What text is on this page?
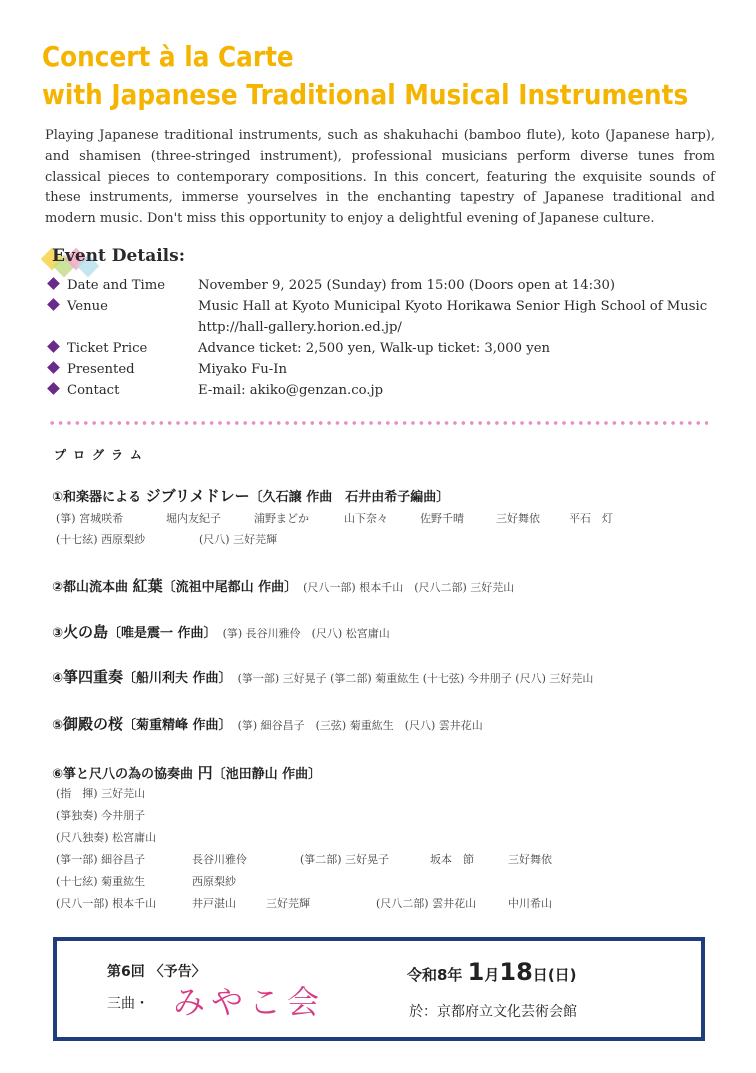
Concert à la Carte
with Japanese Traditional Musical Instruments

Playing Japanese traditional instruments, such as shakuhachi (bamboo flute), koto (Japanese harp), and shamisen (three-stringed instrument), professional musicians perform diverse tunes from classical pieces to contemporary compositions. In this concert, featuring the exquisite sounds of these instruments, immerse yourselves in the enchanting tapestry of Japanese traditional and modern music. Don't miss this opportunity to enjoy a delightful evening of Japanese culture.

Event Details:
Date and Time	November 9, 2025 (Sunday) from 15:00 (Doors open at 14:30)
Venue	Music Hall at Kyoto Municipal Kyoto Horikawa Senior High School of Music
http://hall-gallery.horion.ed.jp/
Ticket Price	Advance ticket: 2,500 yen, Walk-up ticket: 3,000 yen
Presented	Miyako Fu-In
Contact	E-mail: akiko@genzan.co.jp
プログラム
①和楽器による ジブリメドレー〔久石譲 作曲　石井由希子編曲〕
(箏) 宮城咲希	堀内友紀子	浦野まどか	山下奈々	佐野千晴	三好舞依	平石　灯
(十七絃) 西原梨紗	(尺八) 三好芫輝
②都山流本曲 紅葉〔流祖中尾都山 作曲〕 (尺八一部) 根本千山　(尺八二部) 三好芫山
③火の島〔唯是震一 作曲〕 (箏) 長谷川雅伶　(尺八) 松宮庸山
④箏四重奏〔船川利夫 作曲〕 (箏一部) 三好晃子 (箏二部) 菊重紘生 (十七弦) 今井朋子 (尺八) 三好芫山
⑤御殿の桜〔菊重精峰 作曲〕 (箏) 細谷昌子　(三弦) 菊重紘生　(尺八) 雲井花山
⑥箏と尺八の為の協奏曲 円〔池田静山 作曲〕
(指　揮) 三好芫山
(箏独奏) 今井朋子
(尺八独奏) 松宮庸山
(箏一部) 細谷昌子	長谷川雅伶	(箏二部) 三好晃子	坂本　節	三好舞依
(十七絃) 菊重紘生	西原梨紗
(尺八一部) 根本千山	井戸湛山	三好芫輝	(尺八二部) 雲井花山	中川希山
第6回 〈予告〉
三曲・ みやこ会
令和8年 1月18日(日)
於：京都府立文化芸術会館
